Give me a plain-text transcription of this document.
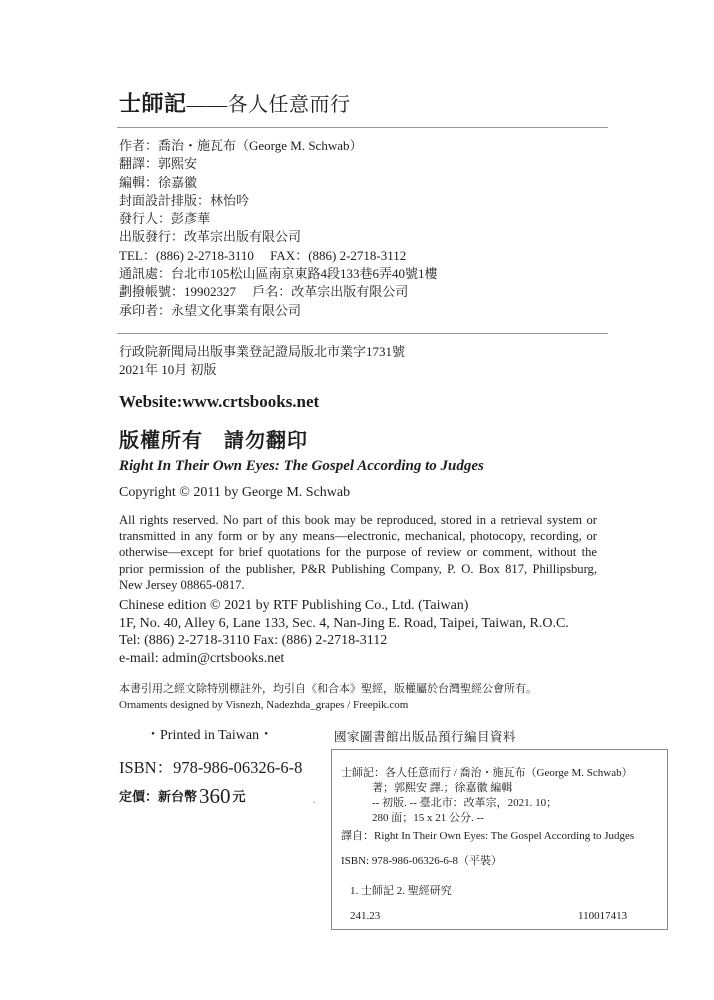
士師記——各人任意而行
作者：喬治・施瓦布（George M. Schwab）
翻譯：郭熙安
編輯：徐嘉徽
封面設計排版：林怡吟
發行人：彭彥華
出版發行：改革宗出版有限公司
TEL：(886) 2-2718-3110　 FAX：(886) 2-2718-3112
通訊處：台北市105松山區南京東路4段133巷6弄40號1樓
劃撥帳號：19902327　 戶名：改革宗出版有限公司
承印者：永望文化事業有限公司
行政院新聞局出版事業登記證局版北市業字1731號
2021年 10月 初版
Website:www.crtsbooks.net
版權所有　請勿翻印
Right In Their Own Eyes: The Gospel According to Judges
Copyright © 2011 by George M. Schwab
All rights reserved. No part of this book may be reproduced, stored in a retrieval system or transmitted in any form or by any means—electronic, mechanical, photocopy, recording, or otherwise—except for brief quotations for the purpose of review or comment, without the prior permission of the publisher, P&R Publishing Company, P. O. Box 817, Phillipsburg, New Jersey 08865-0817.
Chinese edition © 2021 by RTF Publishing Co., Ltd. (Taiwan)
1F, No. 40, Alley 6, Lane 133, Sec. 4, Nan-Jing E. Road, Taipei, Taiwan, R.O.C.
Tel: (886) 2-2718-3110 Fax: (886) 2-2718-3112
e-mail: admin@crtsbooks.net
本書引用之經文除特別標註外，均引自《和合本》聖經，版權屬於台灣聖經公會所有。
Ornaments designed by Visnezh, Nadezhda_grapes / Freepik.com
・Printed in Taiwan・
ISBN：978-986-06326-6-8
定價：新台幣360 元	.
國家圖書館出版品預行編目資料
士師記：各人任意而行 / 喬治・施瓦布（George M. Schwab）
著；郭熙安 譯.；徐嘉徽 編輯
-- 初版. -- 臺北市：改革宗，2021. 10；
280 面；15 x 21 公分. --
譯自：Right In Their Own Eyes: The Gospel According to Judges
ISBN: 978-986-06326-6-8（平裝）
1. 士師記 2. 聖經研究
241.23	110017413
